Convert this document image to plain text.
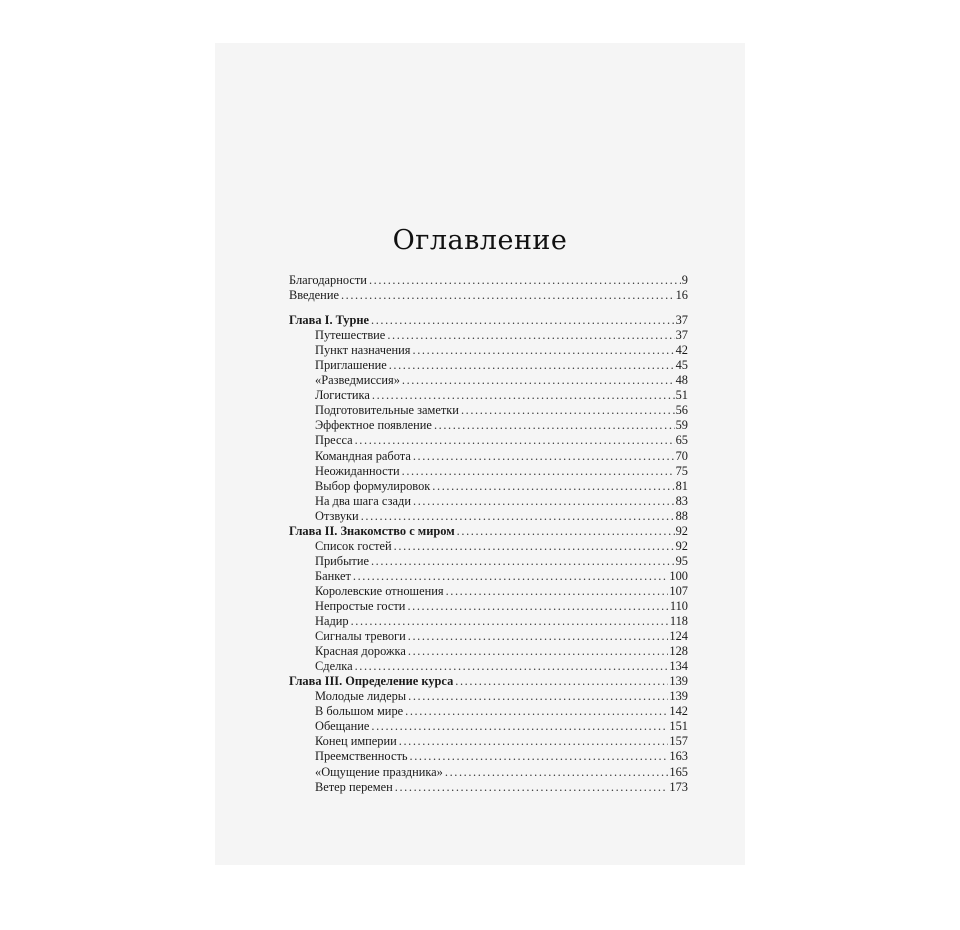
Оглавление
Благодарности .....	9
Введение .....	16
Глава I. Турне .....	37
Путешествие .....	37
Пункт назначения .....	42
Приглашение .....	45
«Разведмиссия» .....	48
Логистика .....	51
Подготовительные заметки .....	56
Эффектное появление .....	59
Пресса .....	65
Командная работа .....	70
Неожиданности .....	75
Выбор формулировок .....	81
На два шага сзади .....	83
Отзвуки .....	88
Глава II. Знакомство с миром .....	92
Список гостей .....	92
Прибытие .....	95
Банкет .....	100
Королевские отношения .....	107
Непростые гости .....	110
Надир .....	118
Сигналы тревоги .....	124
Красная дорожка .....	128
Сделка .....	134
Глава III. Определение курса .....	139
Молодые лидеры .....	139
В большом мире .....	142
Обещание .....	151
Конец империи .....	157
Преемственность .....	163
«Ощущение праздника» .....	165
Ветер перемен .....	173
